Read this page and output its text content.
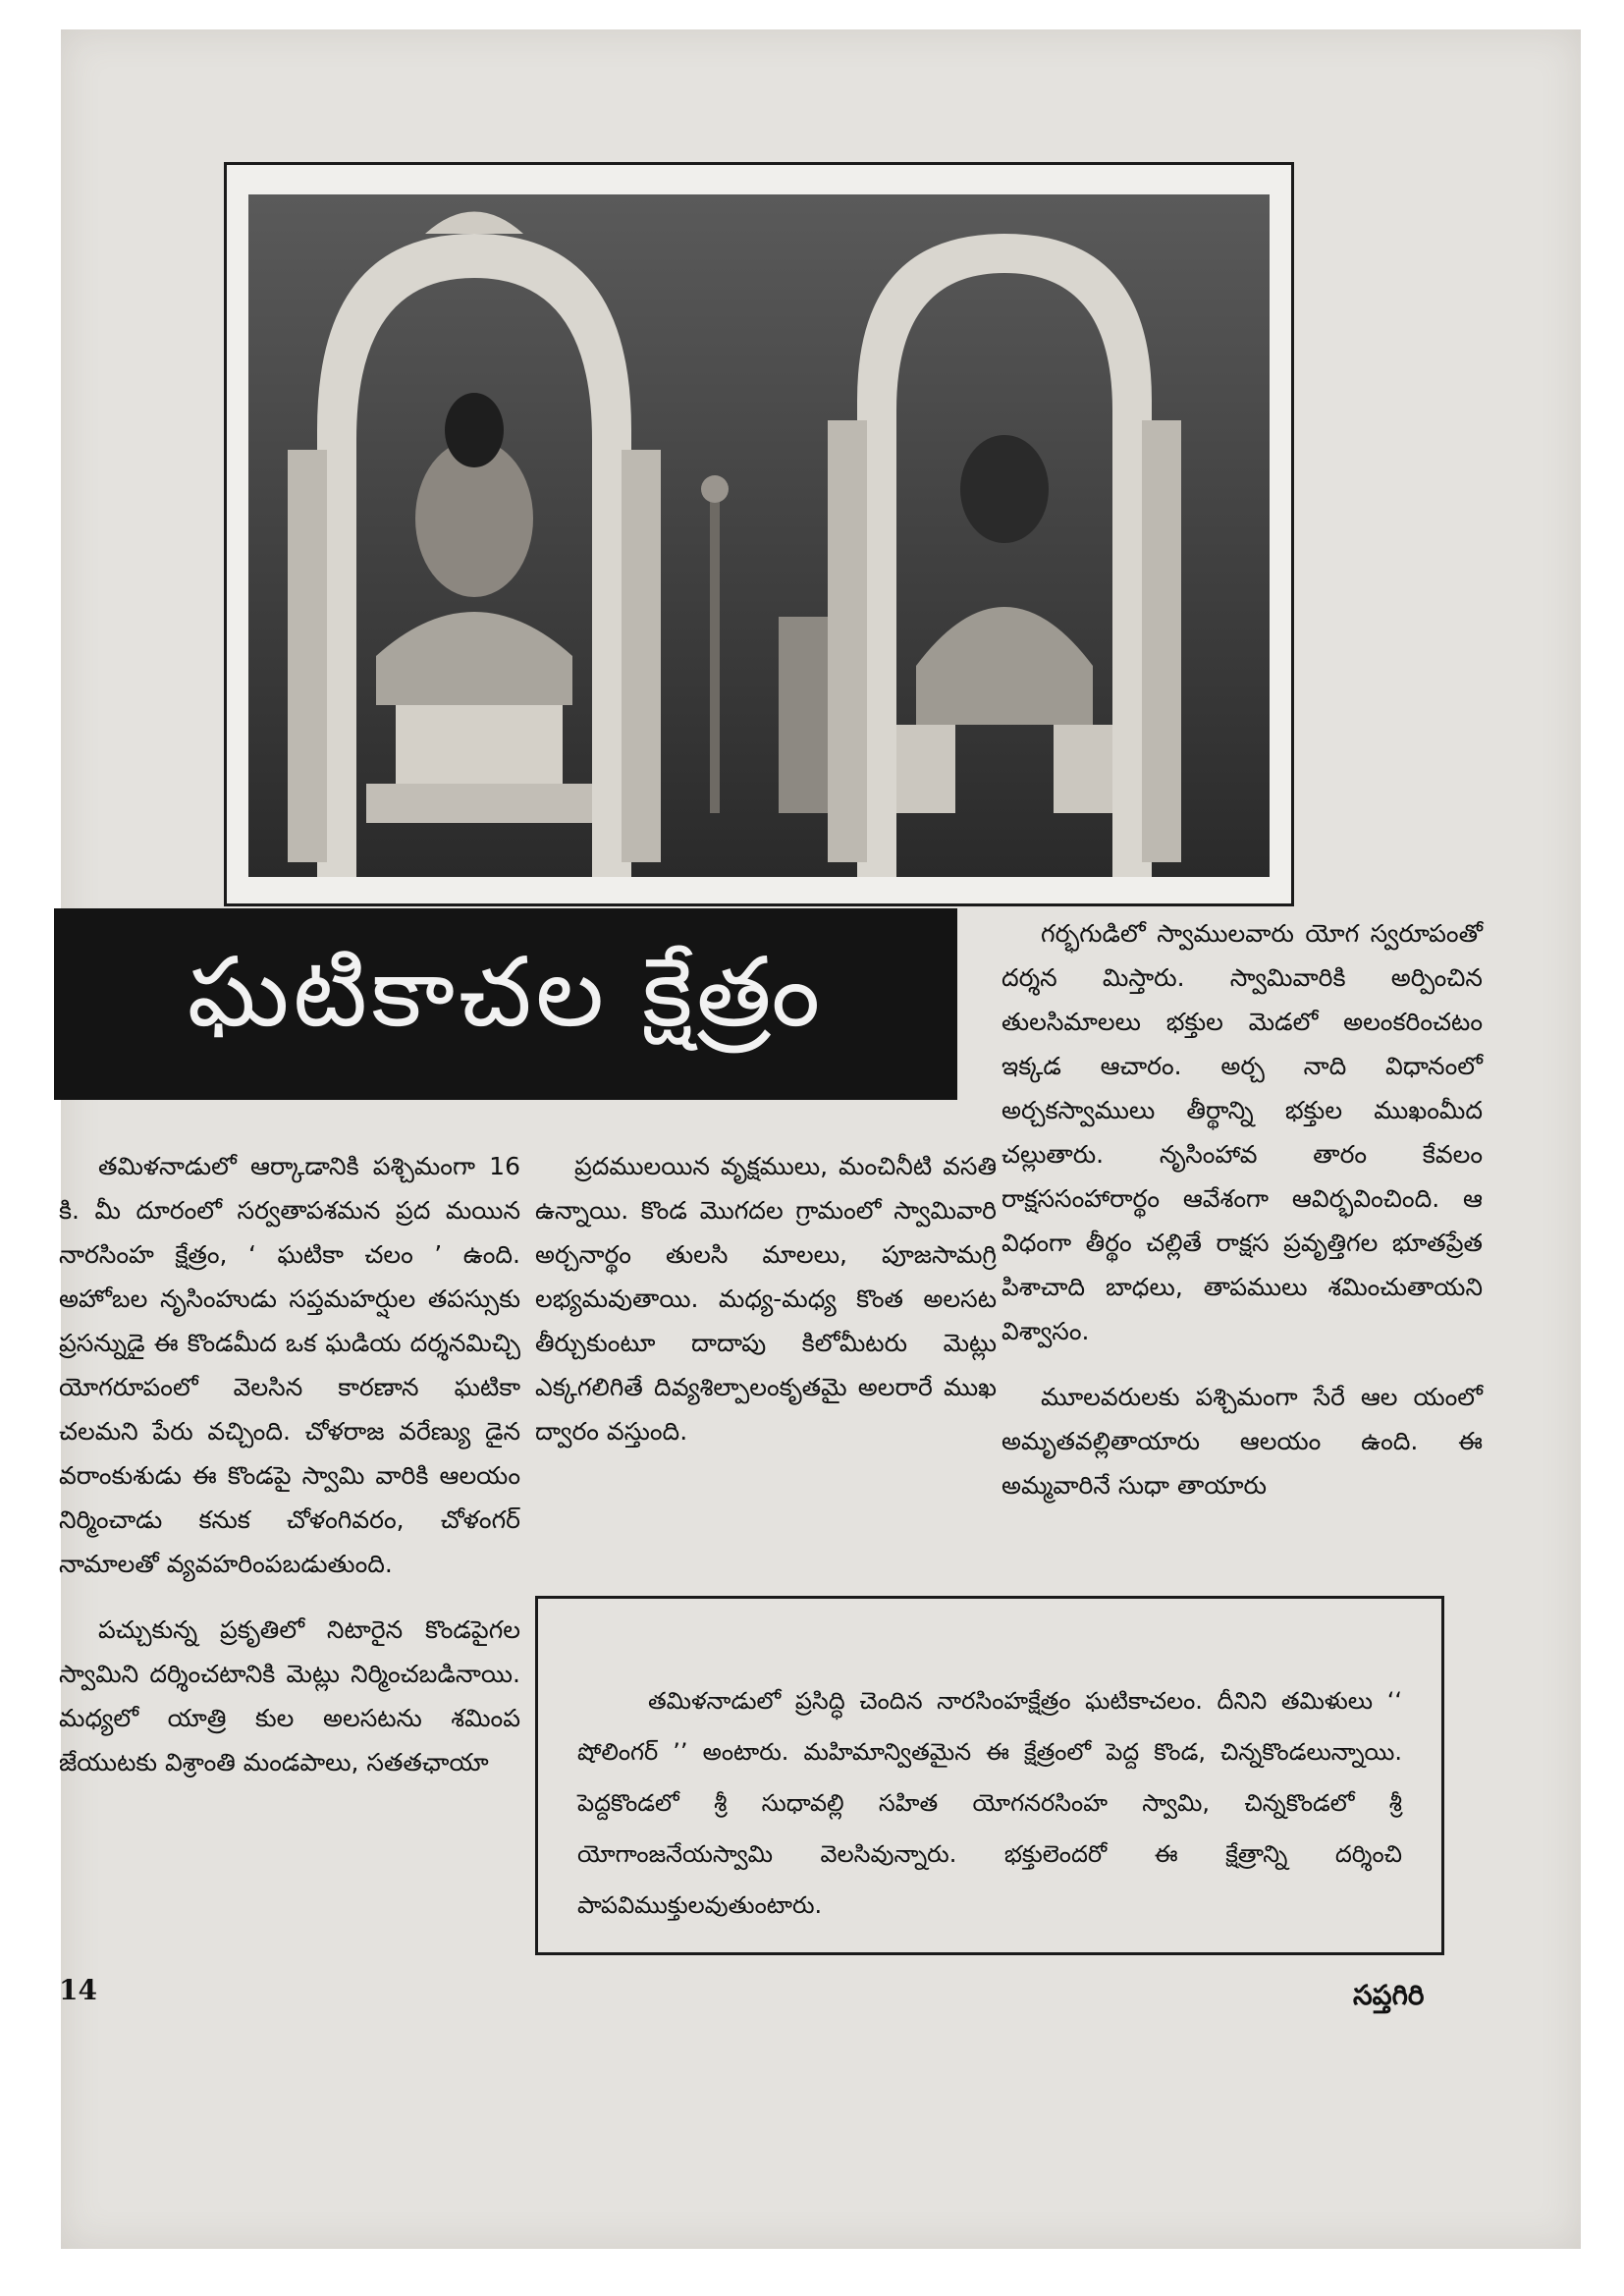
ఘటికాచల క్షేత్రం

గర్భగుడిలో స్వాములవారు యోగ స్వరూపంతో దర్శన మిస్తారు. స్వామివారికి అర్పించిన తులసిమాలలు భక్తుల మెడలో అలంకరించటం ఇక్కడ ఆచారం. అర్చ నాది విధానంలో అర్చకస్వాములు తీర్థాన్ని భక్తుల ముఖంమీద చల్లుతారు. నృసింహావ తారం కేవలం రాక్షససంహారార్థం ఆవేశంగా ఆవిర్భవించింది. ఆ విధంగా తీర్థం చల్లితే రాక్షస ప్రవృత్తిగల భూతప్రేత పిశాచాది బాధలు, తాపములు శమించుతాయని విశ్వాసం.

మూలవరులకు పశ్చిమంగా సేరే ఆల యంలో అమృతవల్లితాయారు ఆలయం ఉంది. ఈ అమ్మవారినే సుధా తాయారు

తమిళనాడులో ఆర్కాడానికి పశ్చిమంగా 16 కి. మీ దూరంలో సర్వతాపశమన ప్రద మయిన నారసింహ క్షేత్రం, ‘ ఘటికా చలం ’ ఉంది. అహోబల నృసింహుడు సప్తమహర్షుల తపస్సుకు ప్రసన్నుడై ఈ కొండమీద ఒక ఘడియ దర్శనమిచ్చి యోగరూపంలో వెలసిన కారణాన ఘటికా చలమని పేరు వచ్చింది. చోళరాజ వరేణ్యు డైన వరాంకుశుడు ఈ కొండపై స్వామి వారికి ఆలయం నిర్మించాడు కనుక చోళంగివరం, చోళంగర్ నామాలతో వ్యవహరింపబడుతుంది.

పచ్చుకున్న ప్రకృతిలో నిటారైన కొండపైగల స్వామిని దర్శించటానికి మెట్లు నిర్మించబడినాయి. మధ్యలో యాత్రి కుల అలసటను శమింప జేయుటకు విశ్రాంతి మండపాలు, సతతఛాయా

ప్రదములయిన వృక్షములు, మంచినీటి వసతి ఉన్నాయి. కొండ మొగదల గ్రామంలో స్వామివారి అర్చనార్థం తులసి మాలలు, పూజసామగ్రి లభ్యమవుతాయి. మధ్య-మధ్య కొంత అలసట తీర్చుకుంటూ దాదాపు కిలోమీటరు మెట్లు ఎక్కగలిగితే దివ్యశిల్పాలంకృతమై అలరారే ముఖ ద్వారం వస్తుంది.

తమిళనాడులో ప్రసిద్ధి చెందిన నారసింహక్షేత్రం ఘటికాచలం. దీనిని తమిళులు ‘‘ షోలింగర్ ’’ అంటారు. మహిమాన్వితమైన ఈ క్షేత్రంలో పెద్ద కొండ, చిన్నకొండలున్నాయి. పెద్దకొండలో శ్రీ సుధావల్లి సహిత యోగనరసింహ స్వామి, చిన్నకొండలో శ్రీ యోగాంజనేయస్వామి వెలసివున్నారు. భక్తులెందరో ఈ క్షేత్రాన్ని దర్శించి పాపవిముక్తులవుతుంటారు.
14	సప్తగిరి
